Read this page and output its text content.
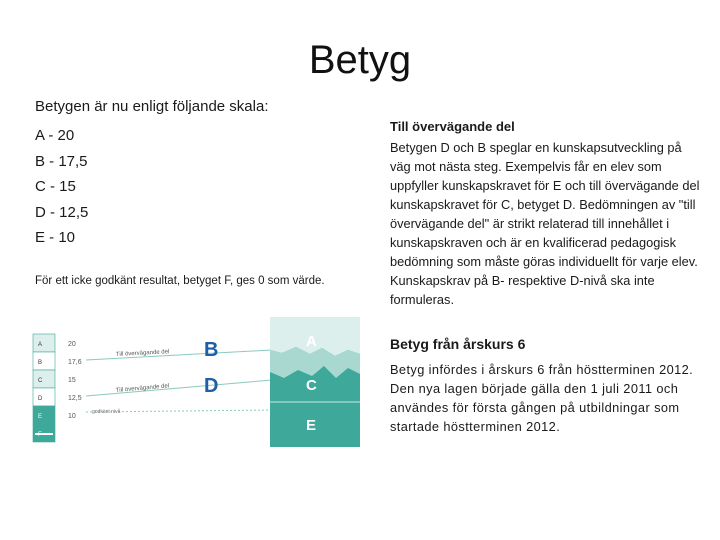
Betyg

Betygen är nu enligt följande skala:

A - 20
B - 17,5
C - 15
D - 12,5
E - 10

För ett icke godkänt resultat, betyget F, ges 0 som värde.

A
B
C
D
E
20
17,6
15
12,5
10
Till övervägande del
Till övervägande del
godkänt nivå
B
D
A
C
E
Till övervägande del

Betygen D och B speglar en kunskapsutveckling på väg mot nästa steg. Exempelvis får en elev som uppfyller kunskapskravet för E och till övervägande del kunskapskravet för C, betyget D. Bedömningen av "till övervägande del" är strikt relaterad till innehållet i kunskapskraven och är en kvalificerad pedagogisk bedömning som måste göras individuellt för varje elev. Kunskapskrav på B- respektive D-nivå ska inte formuleras.

Betyg från årskurs 6

Betyg infördes i årskurs 6 från höstterminen 2012. Den nya lagen började gälla den 1 juli 2011 och användes för första gången på utbildningar som startade höstterminen 2012.
